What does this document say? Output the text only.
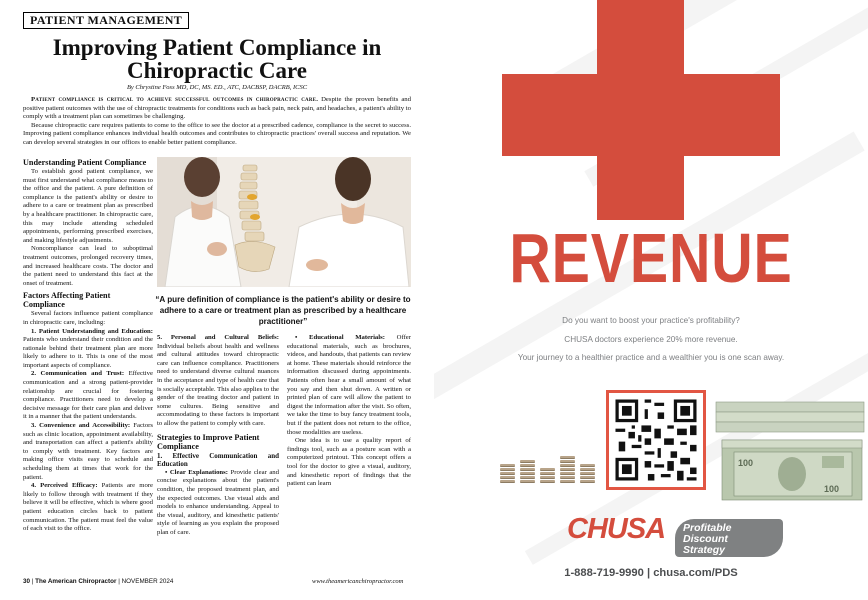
PATIENT MANAGEMENT
Improving Patient Compliance in
Chiropractic Care
By Chrystine Foss MD, DC, MS. ED., ATC, DACBSP, DACRB, ICSC

Patient compliance is critical to achieve successful outcomes in chiropractic care. Despite the proven benefits and positive patient outcomes with the use of chiropractic treatments for conditions such as back pain, neck pain, and headaches, a patient's ability to comply with a treatment plan can sometimes be challenging.

Because chiropractic care requires patients to come to the office to see the doctor at a prescribed cadence, compliance is the secret to success. Improving patient compliance enhances individual health outcomes and contributes to chiropractic practices' overall success and reputation. We can develop several strategies in our offices to enable better patient compliance.

Understanding Patient Compliance

To establish good patient compliance, we must first understand what compliance means to the office and the patient. A pure definition of compliance is the patient's ability or desire to adhere to a care or treatment plan as prescribed by a healthcare practitioner. In chiropractic care, this may include attending scheduled appointments, performing prescribed exercises, and making lifestyle adjustments.

Noncompliance can lead to suboptimal treatment outcomes, prolonged recovery times, and increased healthcare costs. The doctor and the patient need to understand this fact at the onset of treatment.

Factors Affecting Patient Compliance

Several factors influence patient compliance in chiropractic care, including:

1. Patient Understanding and Education: Patients who understand their condition and the rationale behind their treatment plan are more likely to adhere to it. This is one of the most important aspects of compliance.

2. Communication and Trust: Effective communication and a strong patient-provider relationship are crucial for fostering compliance. Practitioners need to develop a decisive message for their care plan and deliver it in a manner that the patient understands.

3. Convenience and Accessibility: Factors such as clinic location, appointment availability, and transportation can affect a patient's ability to comply with treatment. Key factors are making office visits easy to schedule and scheduling them at times that work for the patient.

4. Perceived Efficacy: Patients are more likely to follow through with treatment if they believe it will be effective, which is where good patient education circles back to patient communication. The patient must feel the value of each visit to the office.

“A pure definition of compliance is the patient's ability or desire to adhere to a care or treatment plan as prescribed by a healthcare practitioner”

5. Personal and Cultural Beliefs: Individual beliefs about health and wellness and cultural attitudes toward chiropractic care can influence compliance. Practitioners need to understand diverse cultural nuances in the acceptance and type of health care that is socially acceptable. This also applies to the gender of the treating doctor and patient in some cultures. Being sensitive and accommodating to these factors is important to allow the patient to comply with care.

Strategies to Improve Patient Compliance
1. Effective Communication and Education

• Clear Explanations: Provide clear and concise explanations about the patient's condition, the proposed treatment plan, and the expected outcomes. Use visual aids and models to enhance understanding. Appeal to the visual, auditory, and kinesthetic patients' style of learning as you explain the proposed plan of care.

• Educational Materials: Offer educational materials, such as brochures, videos, and handouts, that patients can review at home. These materials should reinforce the information discussed during appointments. Patients often hear a small amount of what you say and then shut down. A written or printed plan of care will allow the patient to digest the information after the visit. So often, we take the time to buy fancy treatment tools, but if the patient does not return to the office, those modalities are useless.

One idea is to use a quality report of findings tool, such as a posture scan with a computerized printout. This concept offers a tool for the doctor to give a visual, auditory, and kinesthetic report of findings that the patient can learn

30 | The American Chiropractor | NOVEMBER 2024	www.theamericanchiropractor.com
REVENUE
Do you want to boost your practice's profitability?
CHUSA doctors experience 20% more revenue.
Your journey to a healthier practice and a wealthier you is one scan away.
100
100
CHUSA Profitable
Discount
Strategy
1-888-719-9990 | chusa.com/PDS
